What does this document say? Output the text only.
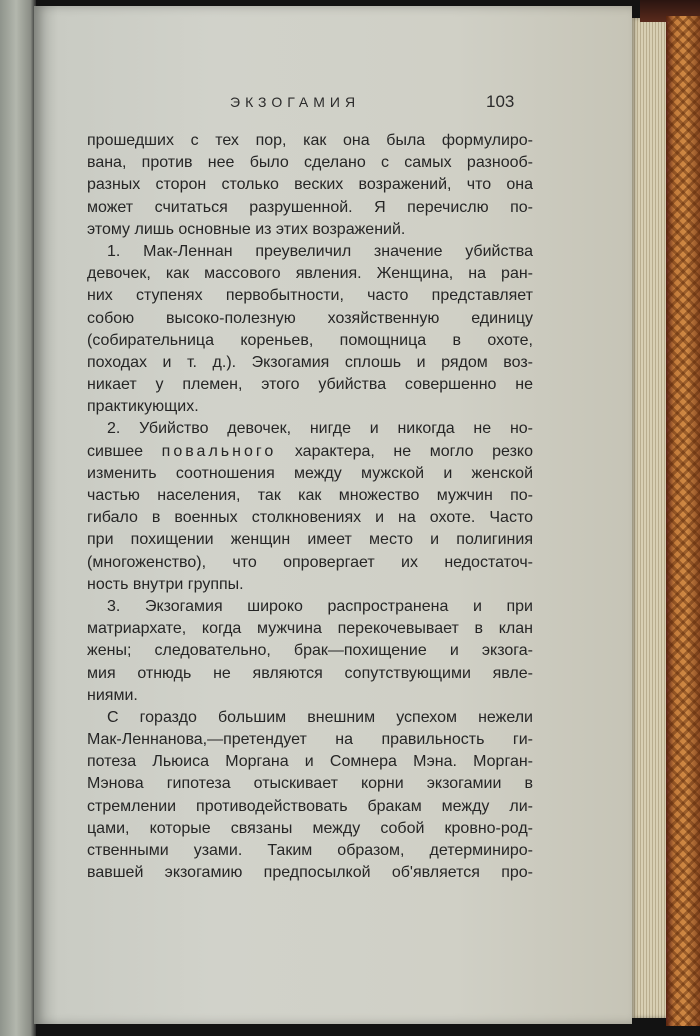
ЭКЗОГАМИЯ	103
прошедших с тех пор, как она была формулиро-
вана, против нее было сделано с самых разнооб-
разных сторон столько веских возражений, что она
может считаться разрушенной. Я перечислю по-
этому лишь основные из этих возражений.
1. Мак-Леннан преувеличил значение убийства
девочек, как массового явления. Женщина, на ран-
них ступенях первобытности, часто представляет
собою высоко-полезную хозяйственную единицу
(собирательница кореньев, помощница в охоте,
походах и т. д.). Экзогамия сплошь и рядом воз-
никает у племен, этого убийства совершенно не
практикующих.
2. Убийство девочек, нигде и никогда не но-
сившее повального характера, не могло резко
изменить соотношения между мужской и женской
частью населения, так как множество мужчин по-
гибало в военных столкновениях и на охоте. Часто
при похищении женщин имеет место и полигиния
(многоженство), что опровергает их недостаточ-
ность внутри группы.
3. Экзогамия широко распространена и при
матриархате, когда мужчина перекочевывает в клан
жены; следовательно, брак—похищение и экзога-
мия отнюдь не являются сопутствующими явле-
ниями.
С гораздо большим внешним успехом нежели
Мак-Леннанова,—претендует на правильность ги-
потеза Льюиса Моргана и Сомнера Мэна. Морган-
Мэнова гипотеза отыскивает корни экзогамии в
стремлении противодействовать бракам между ли-
цами, которые связаны между собой кровно-род-
ственными узами. Таким образом, детерминиро-
вавшей экзогамию предпосылкой об'является про-
